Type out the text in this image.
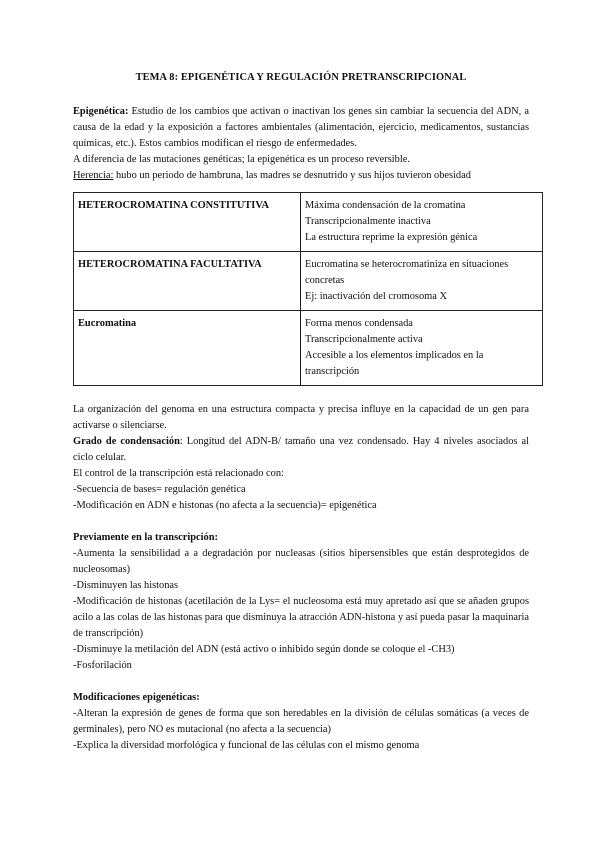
TEMA 8: EPIGENÉTICA Y REGULACIÓN PRETRANSCRIPCIONAL

Epigenética: Estudio de los cambios que activan o inactivan los genes sin cambiar la secuencia del ADN, a causa de la edad y la exposición a factores ambientales (alimentación, ejercicio, medicamentos, sustancias químicas, etc.). Estos cambios modifican el riesgo de enfermedades.

A diferencia de las mutaciones genéticas; la epigenética es un proceso reversible.

Herencia: hubo un periodo de hambruna, las madres se desnutrido y sus hijos tuvieron obesidad

HETEROCROMATINA CONSTITUTIVA	Máxima condensación de la cromatina
Transcripcionalmente inactiva
La estructura reprime la expresión génica

HETEROCROMATINA FACULTATIVA	Eucromatina se heterocromatiniza en situaciones concretas
Ej: inactivación del cromosoma X

Eucromatina	Forma menos condensada
Transcripcionalmente activa
Accesible a los elementos implicados en la transcripción

La organización del genoma en una estructura compacta y precisa influye en la capacidad de un gen para activarse o silenciarse.

Grado de condensación: Longitud del ADN-B/ tamaño una vez condensado. Hay 4 niveles asociados al ciclo celular.

El control de la transcripción está relacionado con:

-Secuencia de bases= regulación genética

-Modificación en ADN e histonas (no afecta a la secuencia)= epigenética

Previamente en la transcripción:

-Aumenta la sensibilidad a a degradación por nucleasas (sitios hipersensibles que están desprotegidos de nucleosomas)

-Disminuyen las histonas

-Modificación de histonas (acetilación de la Lys= el nucleosoma está muy apretado así que se añaden grupos acilo a las colas de las histonas para que disminuya la atracción ADN-histona y así pueda pasar la maquinaria de transcripción)

-Disminuye la metilación del ADN (está activo o inhibido según donde se coloque el -CH3)

-Fosforilación

Modificaciones epigenéticas:

-Alteran la expresión de genes de forma que son heredables en la división de células somáticas (a veces de germinales), pero NO es mutacional (no afecta a la secuencia)

-Explica la diversidad morfológica y funcional de las células con el mismo genoma
